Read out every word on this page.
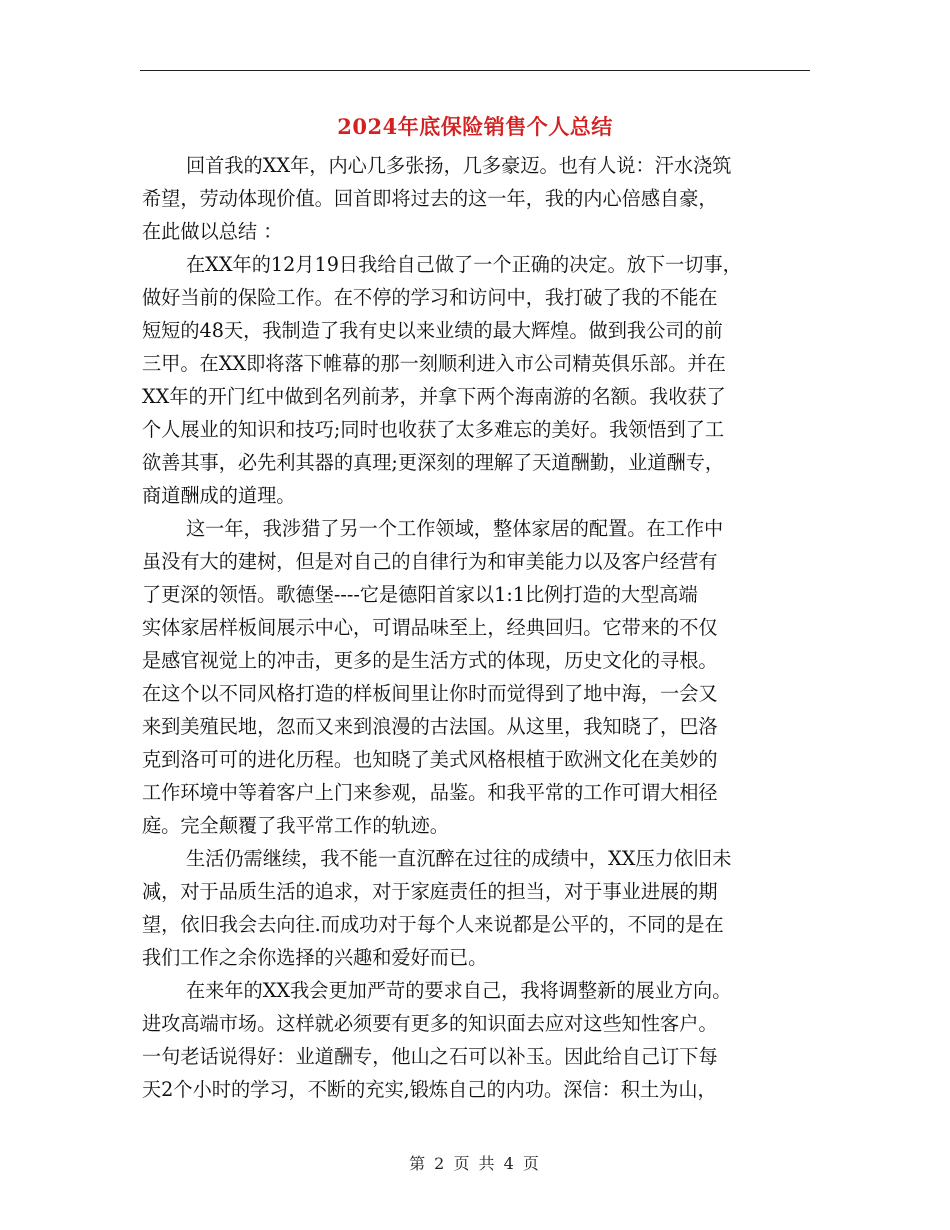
2024年底保险销售个人总结
回首我的XX年，内心几多张扬，几多豪迈。也有人说：汗水浇筑
希望，劳动体现价值。回首即将过去的这一年，我的内心倍感自豪，
在此做以总结 ：
在XX年的12月19日我给自己做了一个正确的决定。放下一切事，
做好当前的保险工作。在不停的学习和访问中，我打破了我的不能在
短短的48天，我制造了我有史以来业绩的最大辉煌。做到我公司的前
三甲。在XX即将落下帷幕的那一刻顺利进入市公司精英俱乐部。并在
XX年的开门红中做到名列前茅，并拿下两个海南游的名额。我收获了
个人展业的知识和技巧;同时也收获了太多难忘的美好。我领悟到了工
欲善其事，必先利其器的真理;更深刻的理解了天道酬勤，业道酬专，
商道酬成的道理。
这一年，我涉猎了另一个工作领域，整体家居的配置。在工作中
虽没有大的建树，但是对自己的自律行为和审美能力以及客户经营有
了更深的领悟。歌德堡----它是德阳首家以1:1比例打造的大型高端
实体家居样板间展示中心，可谓品味至上，经典回归。它带来的不仅
是感官视觉上的冲击，更多的是生活方式的体现，历史文化的寻根。
在这个以不同风格打造的样板间里让你时而觉得到了地中海，一会又
来到美殖民地，忽而又来到浪漫的古法国。从这里，我知晓了，巴洛
克到洛可可的进化历程。也知晓了美式风格根植于欧洲文化在美妙的
工作环境中等着客户上门来参观，品鉴。和我平常的工作可谓大相径
庭。完全颠覆了我平常工作的轨迹。
生活仍需继续，我不能一直沉醉在过往的成绩中，XX压力依旧未
减，对于品质生活的追求，对于家庭责任的担当，对于事业进展的期
望，依旧我会去向往.而成功对于每个人来说都是公平的，不同的是在
我们工作之余你选择的兴趣和爱好而已。
在来年的XX我会更加严苛的要求自己，我将调整新的展业方向。
进攻高端市场。这样就必须要有更多的知识面去应对这些知性客户。
一句老话说得好：业道酬专，他山之石可以补玉。因此给自己订下每
天2个小时的学习，不断的充实,锻炼自己的内功。深信：积土为山，
第 2 页 共 4 页
